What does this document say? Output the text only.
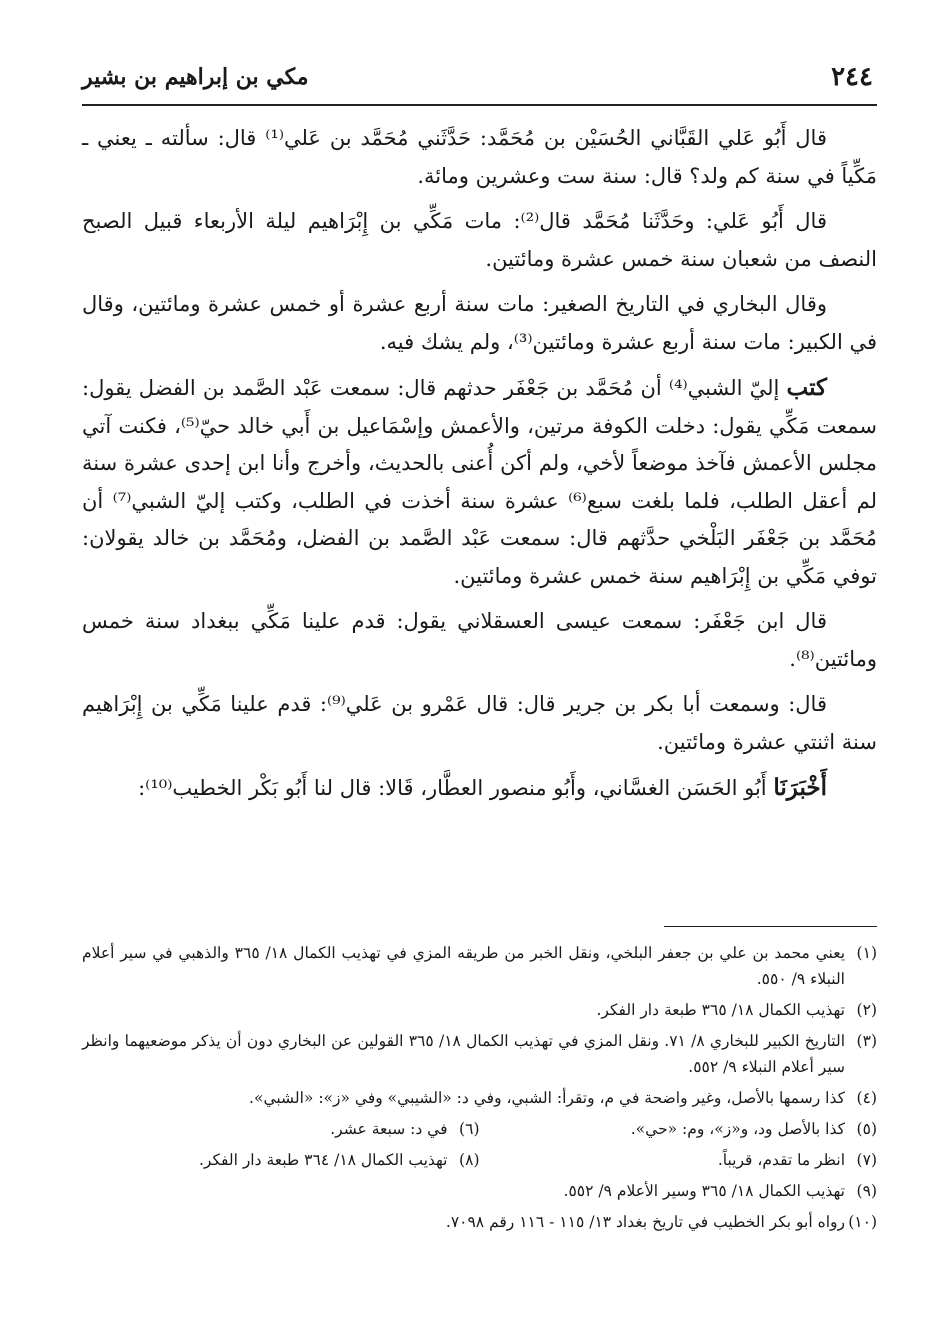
٢٤٤
مكي بن إبراهيم بن بشير

قال أَبُو عَلي القَبَّاني الحُسَيْن بن مُحَمَّد: حَدَّثَني مُحَمَّد بن عَلي⁽¹⁾ قال: سألته ـ يعني ـ مَكِّياً في سنة كم ولد؟ قال: سنة ست وعشرين ومائة.

قال أَبُو عَلي: وحَدَّثَنا مُحَمَّد قال⁽²⁾: مات مَكِّي بن إِبْرَاهيم ليلة الأربعاء قبيل الصبح النصف من شعبان سنة خمس عشرة ومائتين.

وقال البخاري في التاريخ الصغير: مات سنة أربع عشرة أو خمس عشرة ومائتين، وقال في الكبير: مات سنة أربع عشرة ومائتين⁽³⁾، ولم يشك فيه.

كتب إليّ الشبي⁽⁴⁾ أن مُحَمَّد بن جَعْفَر حدثهم قال: سمعت عَبْد الصَّمد بن الفضل يقول: سمعت مَكِّي يقول: دخلت الكوفة مرتين، والأعمش وإسْمَاعيل بن أَبي خالد حيّ⁽⁵⁾، فكنت آتي مجلس الأعمش فآخذ موضعاً لأخي، ولم أكن أُعنى بالحديث، وأخرج وأنا ابن إحدى عشرة سنة لم أعقل الطلب، فلما بلغت سبع⁽⁶⁾ عشرة سنة أخذت في الطلب، وكتب إليّ الشبي⁽⁷⁾ أن مُحَمَّد بن جَعْفَر البَلْخي حدَّثهم قال: سمعت عَبْد الصَّمد بن الفضل، ومُحَمَّد بن خالد يقولان: توفي مَكِّي بن إِبْرَاهيم سنة خمس عشرة ومائتين.

قال ابن جَعْفَر: سمعت عيسى العسقلاني يقول: قدم علينا مَكِّي ببغداد سنة خمس ومائتين⁽⁸⁾.

قال: وسمعت أبا بكر بن جرير قال: قال عَمْرو بن عَلي⁽⁹⁾: قدم علينا مَكِّي بن إِبْرَاهيم سنة اثنتي عشرة ومائتين.

أَخْبَرَنَا أَبُو الحَسَن الغسَّاني، وأَبُو منصور العطَّار، قَالا: قال لنا أَبُو بَكْر الخطيب⁽¹⁰⁾:

(١)
يعني محمد بن علي بن جعفر البلخي، ونقل الخبر من طريقه المزي في تهذيب الكمال ١٨/ ٣٦٥ والذهبي في سير أعلام النبلاء ٩/ ٥٥٠.
(٢)
تهذيب الكمال ١٨/ ٣٦٥ طبعة دار الفكر.
(٣)
التاريخ الكبير للبخاري ٨/ ٧١. ونقل المزي في تهذيب الكمال ١٨/ ٣٦٥ القولين عن البخاري دون أن يذكر موضعيهما وانظر سير أعلام النبلاء ٩/ ٥٥٢.
(٤)
كذا رسمها بالأصل، وغير واضحة في م، وتقرأ: الشبي، وفي د: «الشيبي» وفي «ز»: «الشبي».
(٥)
كذا بالأصل ود، و«ز»، وم: «حي».
(٦)
في د: سبعة عشر.
(٧)
انظر ما تقدم، قريباً.
(٨)
تهذيب الكمال ١٨/ ٣٦٤ طبعة دار الفكر.
(٩)
تهذيب الكمال ١٨/ ٣٦٥ وسير الأعلام ٩/ ٥٥٢.
(١٠)
رواه أبو بكر الخطيب في تاريخ بغداد ١٣/ ١١٥ - ١١٦ رقم ٧٠٩٨.
